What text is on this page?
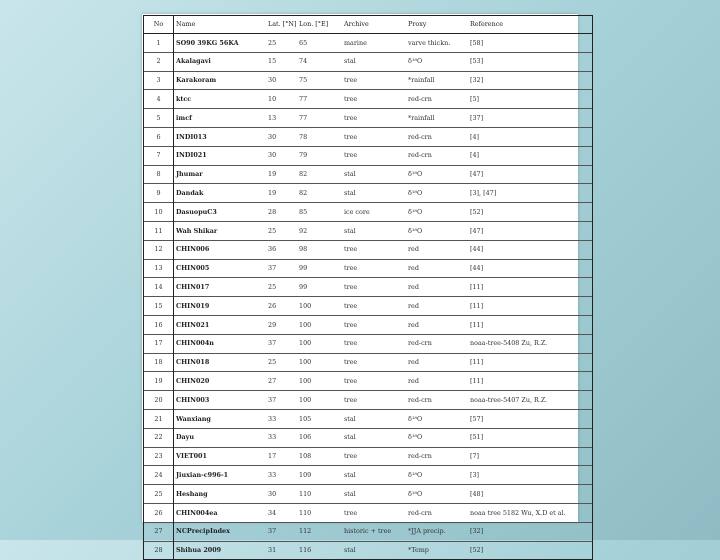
No	Name	Lat. [°N]	Lon. [°E]	Archive	Proxy	Reference
1	SO90 39KG 56KA	25	65	marine	varve thickn.	[58]
2	Akalagavi	15	74	stal	δ¹⁸O	[53]
3	Karakoram	30	75	tree	*rainfall	[32]
4	ktcc	10	77	tree	red-crn	[5]
5	imcf	13	77	tree	*rainfall	[37]
6	INDI013	30	78	tree	red-crn	[4]
7	INDI021	30	79	tree	red-crn	[4]
8	Jhumar	19	82	stal	δ¹⁸O	[47]
9	Dandak	19	82	stal	δ¹⁸O	[3], [47]
10	DasuopuC3	28	85	ice core	δ¹⁸O	[52]
11	Wah Shikar	25	92	stal	δ¹⁸O	[47]
12	CHIN006	36	98	tree	red	[44]
13	CHIN005	37	99	tree	red	[44]
14	CHIN017	25	99	tree	red	[11]
15	CHIN019	26	100	tree	red	[11]
16	CHIN021	29	100	tree	red	[11]
17	CHIN004n	37	100	tree	red-crn	noaa-tree-5408 Zu, R.Z.
18	CHIN018	25	100	tree	red	[11]
19	CHIN020	27	100	tree	red	[11]
20	CHIN003	37	100	tree	red-crn	noaa-tree-5407 Zu, R.Z.
21	Wanxiang	33	105	stal	δ¹⁸O	[57]
22	Dayu	33	106	stal	δ¹⁸O	[51]
23	VIET001	17	108	tree	red-crn	[7]
24	Jiuxian-c996-1	33	109	stal	δ¹⁸O	[3]
25	Heshang	30	110	stal	δ¹⁸O	[48]
26	CHIN004ea	34	110	tree	red-crn	noaa tree 5182 Wu, X.D et al.
27	NCPrecipIndex	37	112	historic + tree	*JJA precip.	[32]
28	Shihua 2009	31	116	stal	*Temp	[52]
